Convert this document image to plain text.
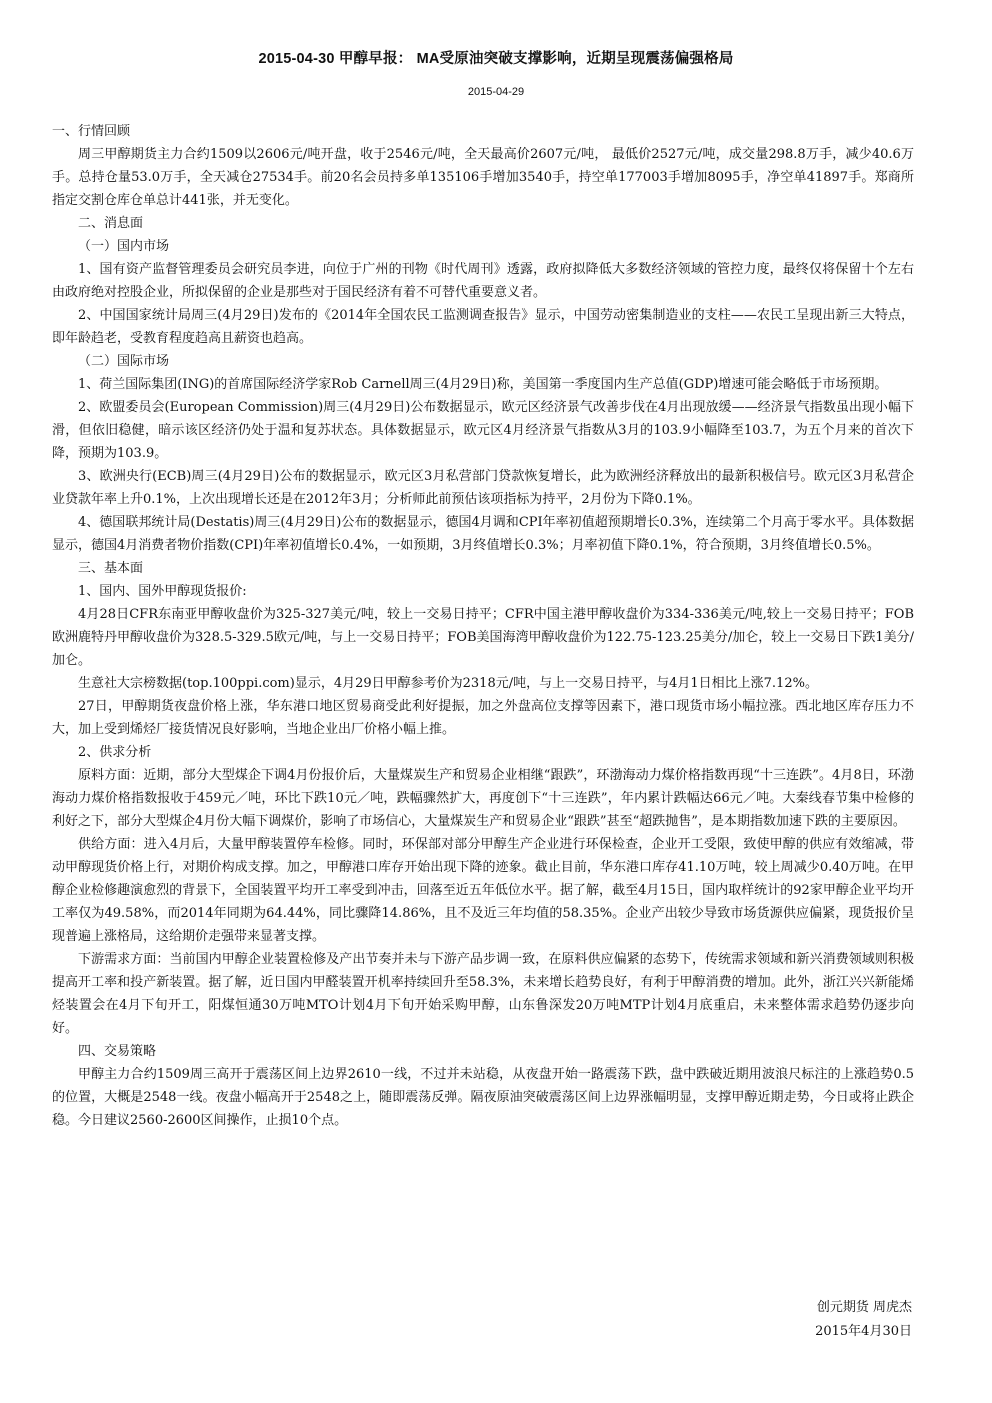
2015-04-30 甲醇早报： MA受原油突破支撑影响，近期呈现震荡偏强格局
2015-04-29

一、行情回顾

周三甲醇期货主力合约1509以2606元/吨开盘，收于2546元/吨，全天最高价2607元/吨， 最低价2527元/吨，成交量298.8万手，减少40.6万手。总持仓量53.0万手，全天减仓27534手。前20名会员持多单135106手增加3540手，持空单177003手增加8095手，净空单41897手。郑商所指定交割仓库仓单总计441张，并无变化。

二、消息面

（一）国内市场

1、国有资产监督管理委员会研究员李进，向位于广州的刊物《时代周刊》透露，政府拟降低大多数经济领域的管控力度，最终仅将保留十个左右由政府绝对控股企业，所拟保留的企业是那些对于国民经济有着不可替代重要意义者。

2、中国国家统计局周三(4月29日)发布的《2014年全国农民工监测调查报告》显示，中国劳动密集制造业的支柱——农民工呈现出新三大特点，即年龄趋老，受教育程度趋高且薪资也趋高。

（二）国际市场

1、荷兰国际集团(ING)的首席国际经济学家Rob Carnell周三(4月29日)称，美国第一季度国内生产总值(GDP)增速可能会略低于市场预期。

2、欧盟委员会(European Commission)周三(4月29日)公布数据显示，欧元区经济景气改善步伐在4月出现放缓——经济景气指数虽出现小幅下滑，但依旧稳健，暗示该区经济仍处于温和复苏状态。具体数据显示，欧元区4月经济景气指数从3月的103.9小幅降至103.7，为五个月来的首次下降，预期为103.9。

3、欧洲央行(ECB)周三(4月29日)公布的数据显示，欧元区3月私营部门贷款恢复增长，此为欧洲经济释放出的最新积极信号。欧元区3月私营企业贷款年率上升0.1%，上次出现增长还是在2012年3月；分析师此前预估该项指标为持平，2月份为下降0.1%。

4、德国联邦统计局(Destatis)周三(4月29日)公布的数据显示，德国4月调和CPI年率初值超预期增长0.3%，连续第二个月高于零水平。具体数据显示，德国4月消费者物价指数(CPI)年率初值增长0.4%，一如预期，3月终值增长0.3%；月率初值下降0.1%，符合预期，3月终值增长0.5%。

三、基本面

1、国内、国外甲醇现货报价:

4月28日CFR东南亚甲醇收盘价为325-327美元/吨，较上一交易日持平；CFR中国主港甲醇收盘价为334-336美元/吨,较上一交易日持平；FOB欧洲鹿特丹甲醇收盘价为328.5-329.5欧元/吨，与上一交易日持平；FOB美国海湾甲醇收盘价为122.75-123.25美分/加仑，较上一交易日下跌1美分/加仑。

生意社大宗榜数据(top.100ppi.com)显示，4月29日甲醇参考价为2318元/吨，与上一交易日持平，与4月1日相比上涨7.12%。

27日，甲醇期货夜盘价格上涨，华东港口地区贸易商受此利好提振，加之外盘高位支撑等因素下，港口现货市场小幅拉涨。西北地区库存压力不大，加上受到烯烃厂接货情况良好影响，当地企业出厂价格小幅上推。

2、供求分析

原料方面：近期，部分大型煤企下调4月份报价后，大量煤炭生产和贸易企业相继“跟跌”，环渤海动力煤价格指数再现“十三连跌”。4月8日，环渤海动力煤价格指数报收于459元／吨，环比下跌10元／吨，跌幅骤然扩大，再度创下“十三连跌”，年内累计跌幅达66元／吨。大秦线春节集中检修的利好之下，部分大型煤企4月份大幅下调煤价，影响了市场信心，大量煤炭生产和贸易企业“跟跌”甚至“超跌抛售”，是本期指数加速下跌的主要原因。

供给方面：进入4月后，大量甲醇装置停车检修。同时，环保部对部分甲醇生产企业进行环保检查，企业开工受限，致使甲醇的供应有效缩减，带动甲醇现货价格上行，对期价构成支撑。加之，甲醇港口库存开始出现下降的迹象。截止目前，华东港口库存41.10万吨，较上周减少0.40万吨。在甲醇企业检修趣演愈烈的背景下，全国装置平均开工率受到冲击，回落至近五年低位水平。据了解，截至4月15日，国内取样统计的92家甲醇企业平均开工率仅为49.58%，而2014年同期为64.44%，同比骤降14.86%，且不及近三年均值的58.35%。企业产出较少导致市场货源供应偏紧，现货报价呈现普遍上涨格局，这给期价走强带来显著支撑。

下游需求方面：当前国内甲醇企业装置检修及产出节奏并未与下游产品步调一致，在原料供应偏紧的态势下，传统需求领域和新兴消费领域则积极提高开工率和投产新装置。据了解，近日国内甲醛装置开机率持续回升至58.3%，未来增长趋势良好，有利于甲醇消费的增加。此外，浙江兴兴新能烯烃装置会在4月下旬开工，阳煤恒通30万吨MTO计划4月下旬开始采购甲醇，山东鲁深发20万吨MTP计划4月底重启，未来整体需求趋势仍逐步向好。

四、交易策略

甲醇主力合约1509周三高开于震荡区间上边界2610一线，不过并未站稳，从夜盘开始一路震荡下跌，盘中跌破近期用波浪尺标注的上涨趋势0.5的位置，大概是2548一线。夜盘小幅高开于2548之上，随即震荡反弹。隔夜原油突破震荡区间上边界涨幅明显，支撑甲醇近期走势，今日或将止跌企稳。今日建议2560-2600区间操作，止损10个点。

创元期货 周虎杰
2015年4月30日
